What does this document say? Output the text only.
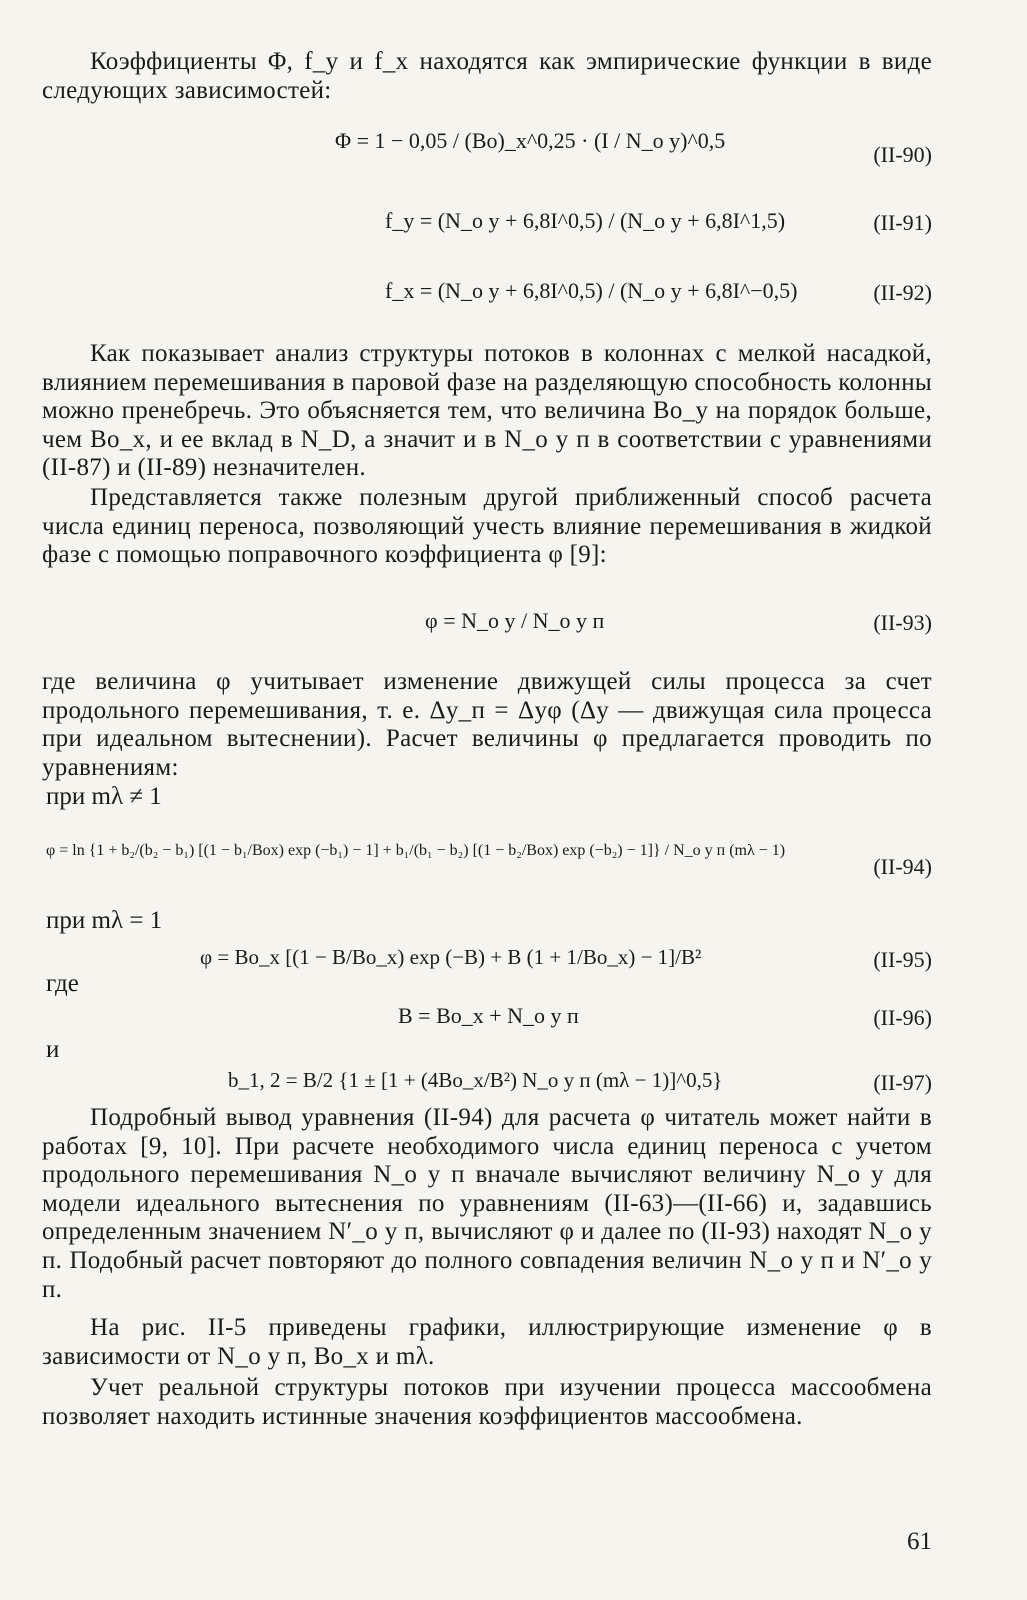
Коэффициенты Φ, f_y и f_x находятся как эмпирические функции в виде следующих зависимостей:

Φ = 1 − 0,05 / (Bo)_x^0,25 · (I / N_о у)^0,5
(II-90)
f_y = (N_о у + 6,8I^0,5) / (N_о у + 6,8I^1,5)	(II-91)
f_x = (N_о у + 6,8I^0,5) / (N_о у + 6,8I^−0,5)	(II-92)

Как показывает анализ структуры потоков в колоннах с мелкой насадкой, влиянием перемешивания в паровой фазе на разделяющую способность колонны можно пренебречь. Это объясняется тем, что величина Bo_y на порядок больше, чем Bo_x, и ее вклад в N_D, а значит и в N_о у п в соответствии с уравнениями (II-87) и (II-89) незначителен.

Представляется также полезным другой приближенный способ расчета числа единиц переноса, позволяющий учесть влияние перемешивания в жидкой фазе с помощью поправочного коэффициента φ [9]:

φ = N_о у / N_о у п	(II-93)

где величина φ учитывает изменение движущей силы процесса за счет продольного перемешивания, т. е. Δy_п = Δyφ (Δy — движущая сила процесса при идеальном вытеснении). Расчет величины φ предлагается проводить по уравнениям:

при mλ ≠ 1
φ = ln {1 + b₂/(b₂ − b₁) [(1 − b₁/Box) exp (−b₁) − 1] + b₁/(b₁ − b₂) [(1 − b₂/Box) exp (−b₂) − 1]} / N_о у п (mλ − 1)
(II-94)
при mλ = 1
φ = Bo_x [(1 − B/Bo_x) exp (−B) + B (1 + 1/Bo_x) − 1]/B²	(II-95)
где
B = Bo_x + N_о у п	(II-96)
и
b_1, 2 = B/2 {1 ± [1 + (4Bo_x/B²) N_о у п (mλ − 1)]^0,5}	(II-97)

Подробный вывод уравнения (II-94) для расчета φ читатель может найти в работах [9, 10]. При расчете необходимого числа единиц переноса с учетом продольного перемешивания N_о у п вначале вычисляют величину N_о у для модели идеального вытеснения по уравнениям (II-63)—(II-66) и, задавшись определенным значением N′_о у п, вычисляют φ и далее по (II-93) находят N_о у п. Подобный расчет повторяют до полного совпадения величин N_о у п и N′_о у п.

На рис. II-5 приведены графики, иллюстрирующие изменение φ в зависимости от N_о у п, Bo_x и mλ.

Учет реальной структуры потоков при изучении процесса массообмена позволяет находить истинные значения коэффициентов массообмена.

61
